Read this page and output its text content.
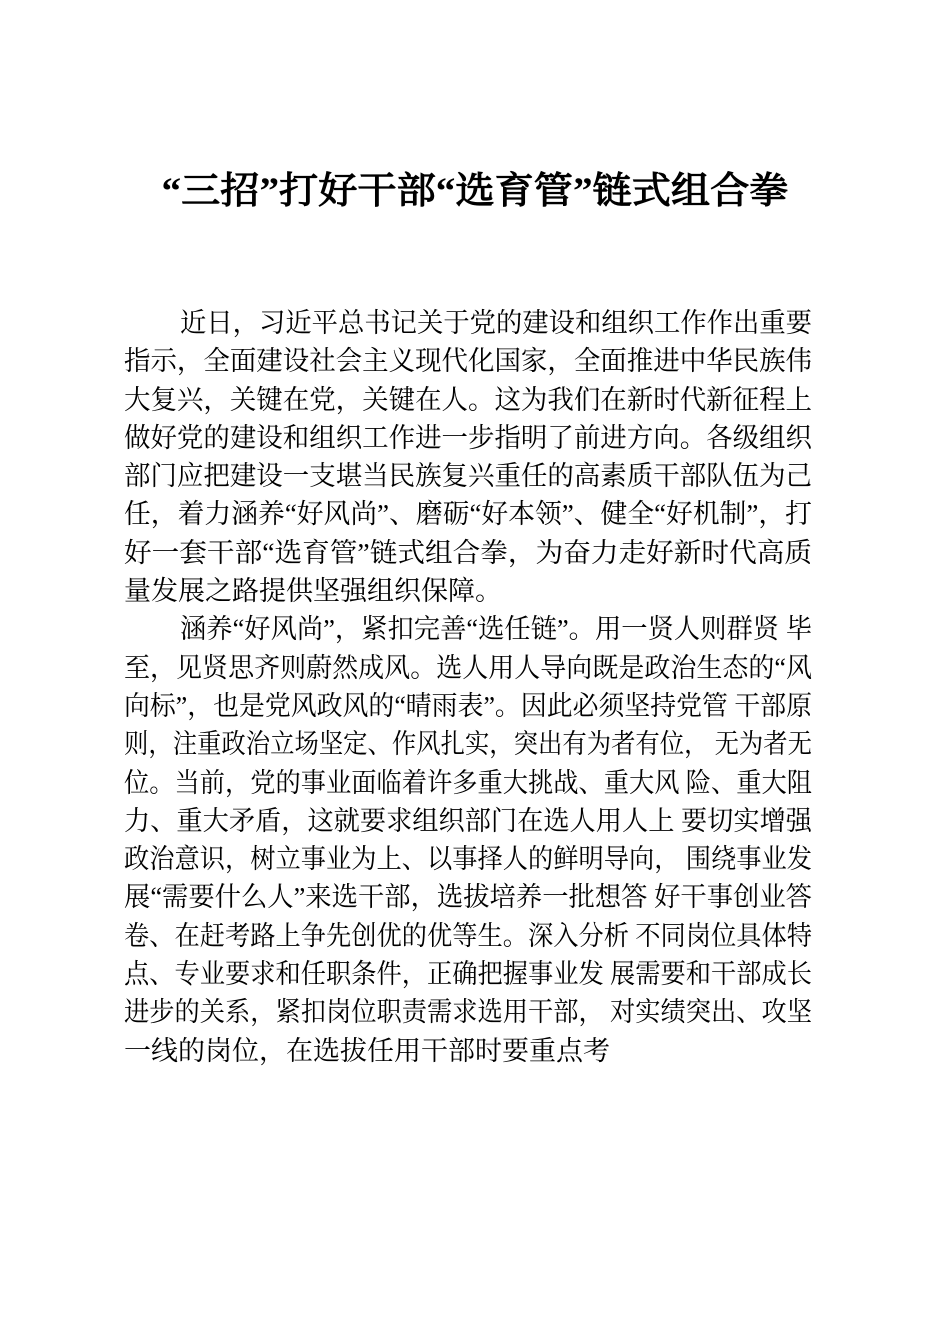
“三招”打好干部“选育管”链式组合拳
近日，习近平总书记关于党的建设和组织工作作出重要
指示，全面建设社会主义现代化国家，全面推进中华民族伟
大复兴，关键在党，关键在人。这为我们在新时代新征程上
做好党的建设和组织工作进一步指明了前进方向。各级组织
部门应把建设一支堪当民族复兴重任的高素质干部队伍为己
任，着力涵养“好风尚”、磨砺“好本领”、健全“好机制”，打
好一套干部“选育管”链式组合拳，为奋力走好新时代高质
量发展之路提供坚强组织保障。
涵养“好风尚”，紧扣完善“选任链”。用一贤人则群贤 毕
至，见贤思齐则蔚然成风。选人用人导向既是政治生态的“风
向标”，也是党风政风的“晴雨表”。因此必须坚持党管 干部原
则，注重政治立场坚定、作风扎实，突出有为者有位， 无为者无
位。当前，党的事业面临着许多重大挑战、重大风 险、重大阻
力、重大矛盾，这就要求组织部门在选人用人上 要切实增强
政治意识，树立事业为上、以事择人的鲜明导向， 围绕事业发
展“需要什么人”来选干部，选拔培养一批想答 好干事创业答
卷、在赶考路上争先创优的优等生。深入分析 不同岗位具体特
点、专业要求和任职条件，正确把握事业发 展需要和干部成长
进步的关系，紧扣岗位职责需求选用干部， 对实绩突出、攻坚
一线的岗位，在选拔任用干部时要重点考
